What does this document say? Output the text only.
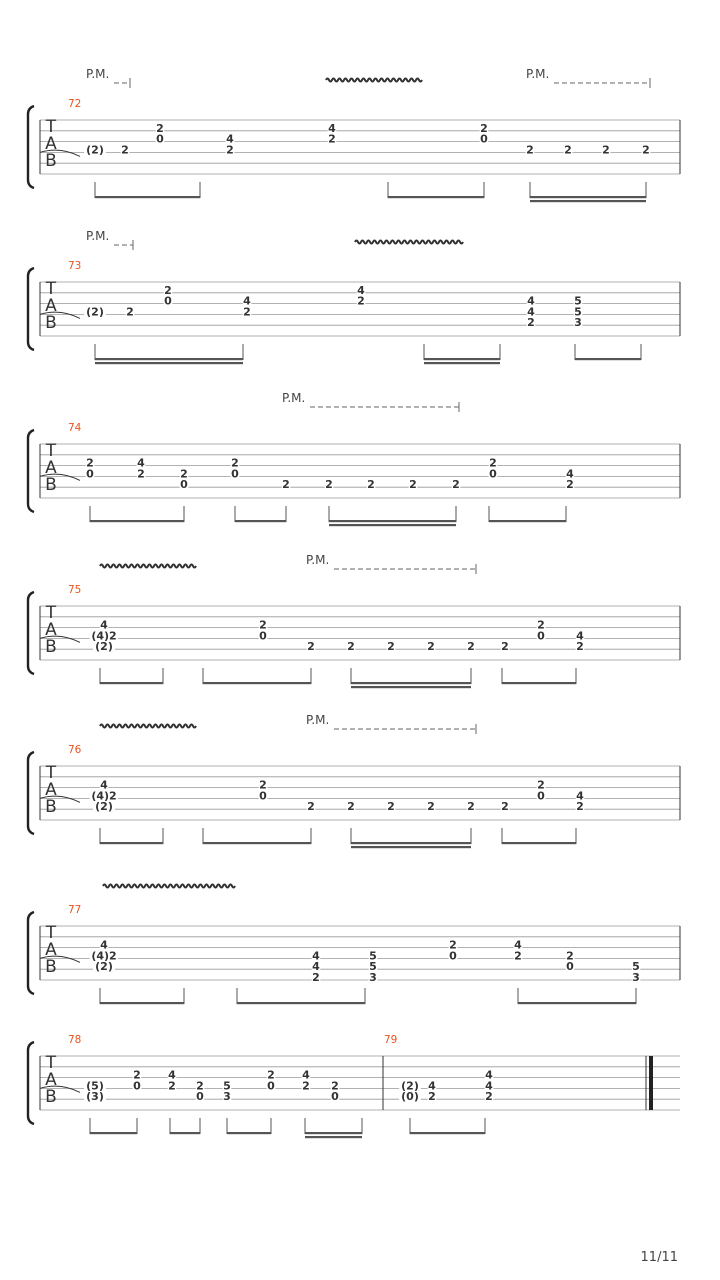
T
A
B
72
P.M.	P.M.
(2) 2
2
0	4
2
4
2
2
0
2	2	2	2
T
A
B
73
P.M.
(2) 2
2
0	4
2
4
2	4
4
2
5
5
3
T
A
B
74
P.M.
2
0
4
2	2
0
2
0
2	2	2	2	2
2
0	4
2
T
A
B
75
P.M.
4
(4)2
(2)
2
0
2	2	2	2	2 2
2
0	4
2
T
A
B
76
P.M.
4
(4)2
(2)
2
0
2	2	2	2	2 2
2
0	4
2
T
A
B
77
4
(4)2
(2)
4
4
2
5
5
3
2
0
4
2	2
0	5
3
T
A
B
78	79
(5)
(3)
2
0
4
2 2
0
5
3
2
0
4
2 2
0
(2)
(0)
4
2
4
4
2
11/11
